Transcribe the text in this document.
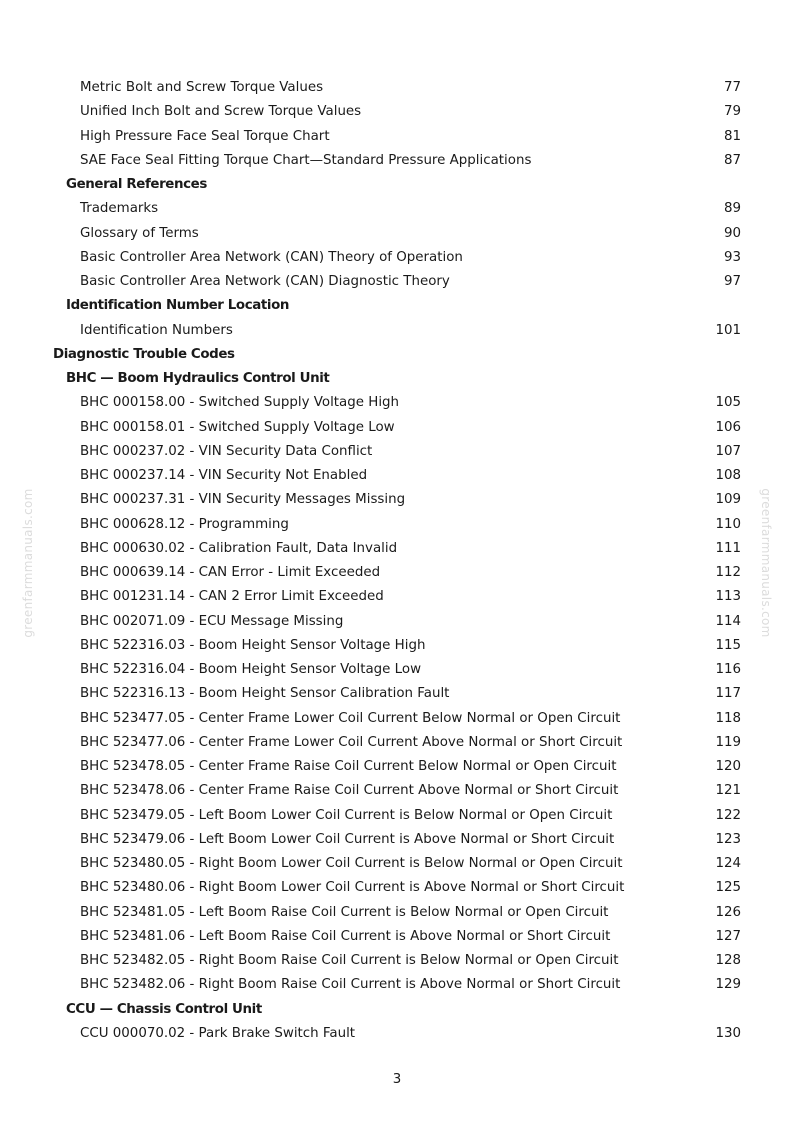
greenfarmmanuals.com	greenfarmmanuals.com
Metric Bolt and Screw Torque Values	77
Unified Inch Bolt and Screw Torque Values	79
High Pressure Face Seal Torque Chart	81
SAE Face Seal Fitting Torque Chart—Standard Pressure Applications	87
General References
Trademarks	89
Glossary of Terms	90
Basic Controller Area Network (CAN) Theory of Operation	93
Basic Controller Area Network (CAN) Diagnostic Theory	97
Identification Number Location
Identification Numbers	101
Diagnostic Trouble Codes
BHC — Boom Hydraulics Control Unit
BHC 000158.00 - Switched Supply Voltage High	105
BHC 000158.01 - Switched Supply Voltage Low	106
BHC 000237.02 - VIN Security Data Conflict	107
BHC 000237.14 - VIN Security Not Enabled	108
BHC 000237.31 - VIN Security Messages Missing	109
BHC 000628.12 - Programming	110
BHC 000630.02 - Calibration Fault, Data Invalid	111
BHC 000639.14 - CAN Error - Limit Exceeded	112
BHC 001231.14 - CAN 2 Error Limit Exceeded	113
BHC 002071.09 - ECU Message Missing	114
BHC 522316.03 - Boom Height Sensor Voltage High	115
BHC 522316.04 - Boom Height Sensor Voltage Low	116
BHC 522316.13 - Boom Height Sensor Calibration Fault	117
BHC 523477.05 - Center Frame Lower Coil Current Below Normal or Open Circuit	118
BHC 523477.06 - Center Frame Lower Coil Current Above Normal or Short Circuit	119
BHC 523478.05 - Center Frame Raise Coil Current Below Normal or Open Circuit	120
BHC 523478.06 - Center Frame Raise Coil Current Above Normal or Short Circuit	121
BHC 523479.05 - Left Boom Lower Coil Current is Below Normal or Open Circuit	122
BHC 523479.06 - Left Boom Lower Coil Current is Above Normal or Short Circuit	123
BHC 523480.05 - Right Boom Lower Coil Current is Below Normal or Open Circuit	124
BHC 523480.06 - Right Boom Lower Coil Current is Above Normal or Short Circuit	125
BHC 523481.05 - Left Boom Raise Coil Current is Below Normal or Open Circuit	126
BHC 523481.06 - Left Boom Raise Coil Current is Above Normal or Short Circuit	127
BHC 523482.05 - Right Boom Raise Coil Current is Below Normal or Open Circuit	128
BHC 523482.06 - Right Boom Raise Coil Current is Above Normal or Short Circuit	129
CCU — Chassis Control Unit
CCU 000070.02 - Park Brake Switch Fault	130
3
